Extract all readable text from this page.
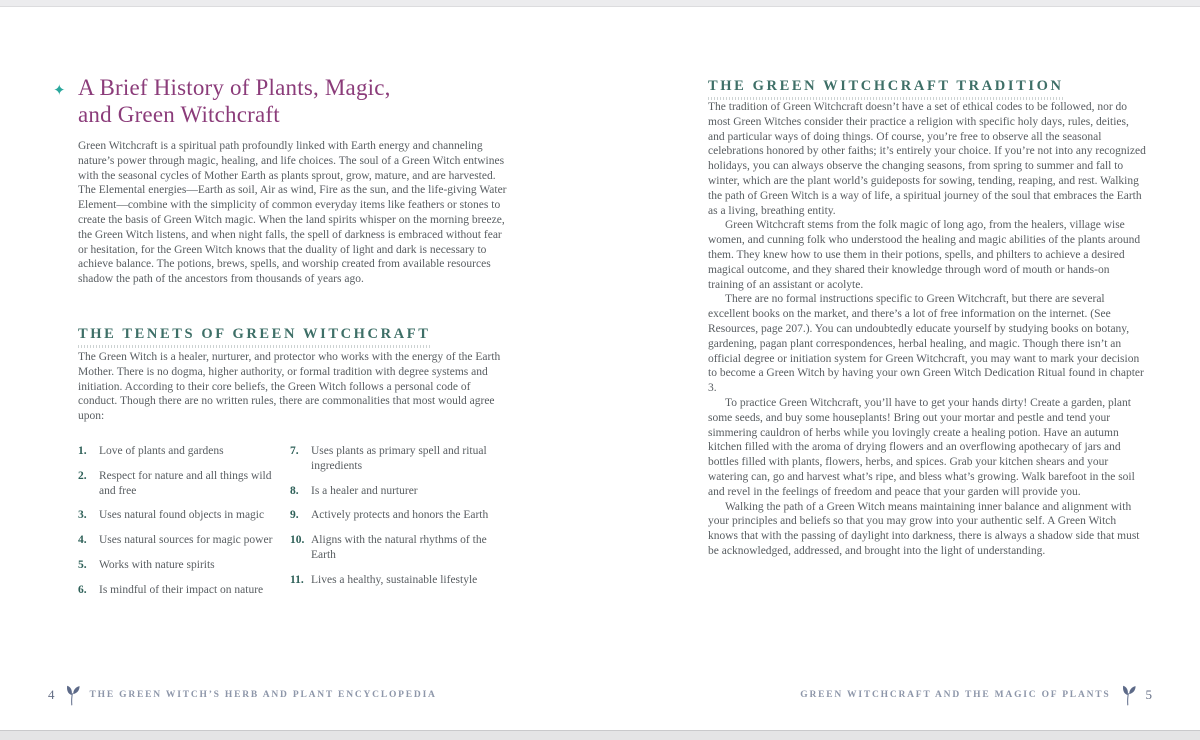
✦ A Brief History of Plants, Magic,
and Green Witchcraft
Green Witchcraft is a spiritual path profoundly linked with Earth energy and channeling nature’s power through magic, healing, and life choices. The soul of a Green Witch entwines with the seasonal cycles of Mother Earth as plants sprout, grow, mature, and are harvested. The Elemental energies—Earth as soil, Air as wind, Fire as the sun, and the life-giving Water Element—combine with the simplicity of common everyday items like feathers or stones to create the basis of Green Witch magic. When the land spirits whisper on the morning breeze, the Green Witch listens, and when night falls, the spell of darkness is embraced without fear or hesitation, for the Green Witch knows that the duality of light and dark is necessary to achieve balance. The potions, brews, spells, and worship created from available resources shadow the path of the ancestors from thousands of years ago.
THE TENETS OF GREEN WITCHCRAFT
The Green Witch is a healer, nurturer, and protector who works with the energy of the Earth Mother. There is no dogma, higher authority, or formal tradition with degree systems and initiation. According to their core beliefs, the Green Witch follows a personal code of conduct. Though there are no written rules, there are commonalities that most would agree upon:
1.	Love of plants and gardens
2.	Respect for nature and all things wild and free
3.	Uses natural found objects in magic
4.	Uses natural sources for magic power
5.	Works with nature spirits
6.	Is mindful of their impact on nature
7.	Uses plants as primary spell and ritual ingredients
8.	Is a healer and nurturer
9.	Actively protects and honors the Earth
10. Aligns with the natural rhythms of the Earth
11. Lives a healthy, sustainable lifestyle
THE GREEN WITCHCRAFT TRADITION

The tradition of Green Witchcraft doesn’t have a set of ethical codes to be followed, nor do most Green Witches consider their practice a religion with specific holy days, rules, deities, and particular ways of doing things. Of course, you’re free to observe all the seasonal celebrations honored by other faiths; it’s entirely your choice. If you’re not into any recognized holidays, you can always observe the changing seasons, from spring to summer and fall to winter, which are the plant world’s guideposts for sowing, tending, reaping, and rest. Walking the path of Green Witch is a way of life, a spiritual journey of the soul that embraces the Earth as a living, breathing entity.

Green Witchcraft stems from the folk magic of long ago, from the healers, village wise women, and cunning folk who understood the healing and magic abilities of the plants around them. They knew how to use them in their potions, spells, and philters to achieve a desired magical outcome, and they shared their knowledge through word of mouth or hands-on training of an assistant or acolyte.

There are no formal instructions specific to Green Witchcraft, but there are several excellent books on the market, and there’s a lot of free information on the internet. (See Resources, page 207.). You can undoubtedly educate yourself by studying books on botany, gardening, pagan plant correspondences, herbal healing, and magic. Though there isn’t an official degree or initiation system for Green Witchcraft, you may want to mark your decision to become a Green Witch by having your own Green Witch Dedication Ritual found in chapter 3.

To practice Green Witchcraft, you’ll have to get your hands dirty! Create a garden, plant some seeds, and buy some houseplants! Bring out your mortar and pestle and tend your simmering cauldron of herbs while you lovingly create a healing potion. Have an autumn kitchen filled with the aroma of drying flowers and an overflowing apothecary of jars and bottles filled with plants, flowers, herbs, and spices. Grab your kitchen shears and your watering can, go and harvest what’s ripe, and bless what’s growing. Walk barefoot in the soil and revel in the feelings of freedom and peace that your garden will provide you.

Walking the path of a Green Witch means maintaining inner balance and alignment with your principles and beliefs so that you may grow into your authentic self. A Green Witch knows that with the passing of daylight into darkness, there is always a shadow side that must be acknowledged, addressed, and brought into the light of understanding.

4	THE GREEN WITCH’S HERB AND PLANT ENCYCLOPEDIA	GREEN WITCHCRAFT AND THE MAGIC OF PLANTS	5
